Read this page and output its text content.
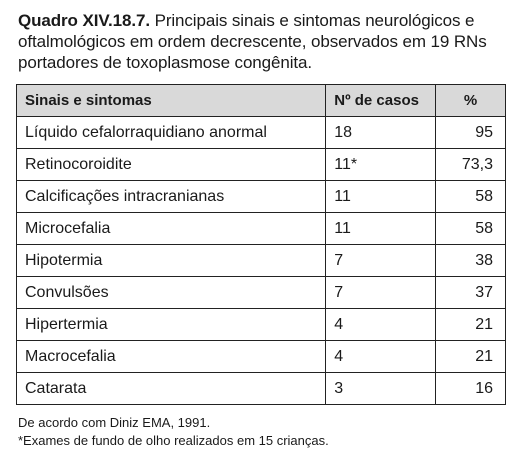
Quadro XIV.18.7. Principais sinais e sintomas neurológicos e oftalmológicos em ordem decrescente, observados em 19 RNs portadores de toxoplasmose congênita.
Sinais e sintomas	Nº de casos	%
Líquido cefalorraquidiano anormal	18	95
Retinocoroidite	11*	73,3
Calcificações intracranianas	11	58
Microcefalia	11	58
Hipotermia	7	38
Convulsões	7	37
Hipertermia	4	21
Macrocefalia	4	21
Catarata	3	16
De acordo com Diniz EMA, 1991.
*Exames de fundo de olho realizados em 15 crianças.
